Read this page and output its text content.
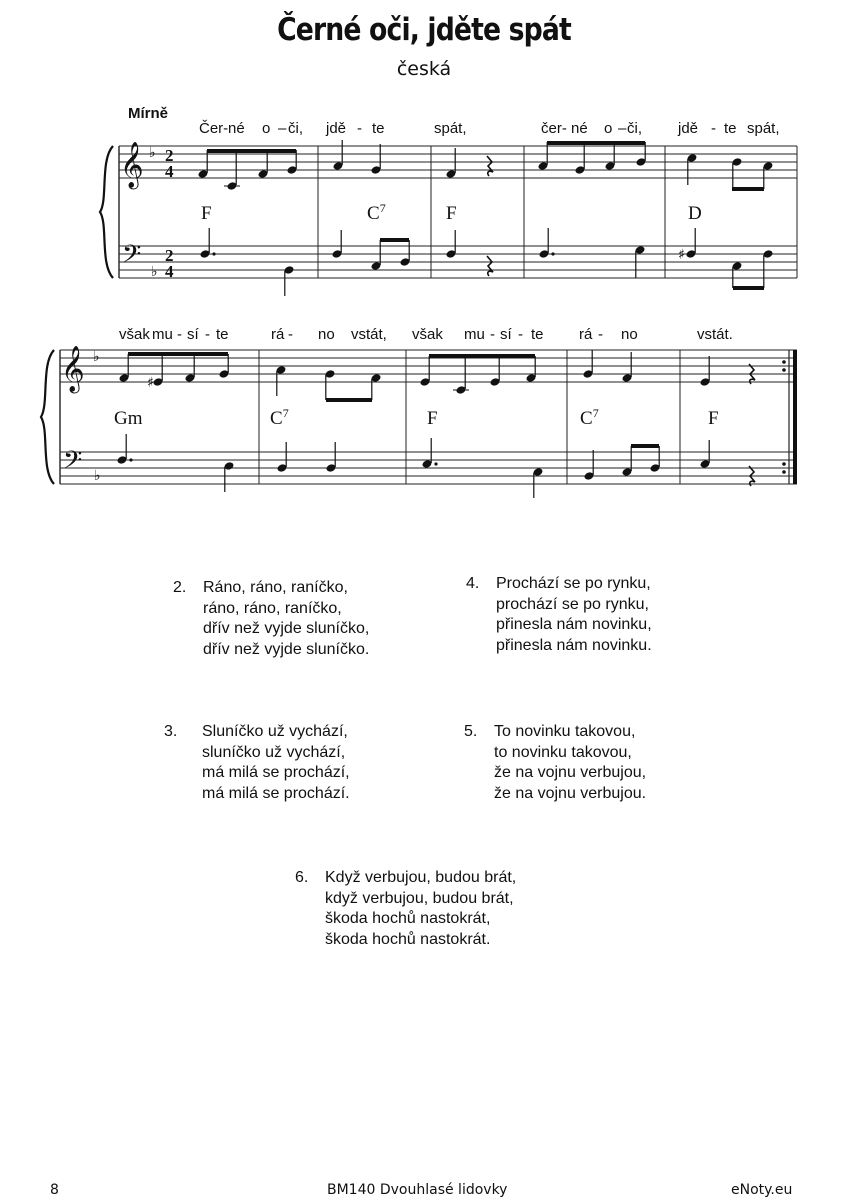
Černé oči, jděte spát
česká
Mírně
𝄞
𝄢
𝄞
𝄢
♭
♭
♭
♭
2
4
2
4
♯
♯
Čer- né o – či, jdě - te	spát,	čer- né o – či, jdě - te spát,
F	$C^7$	F	D
však mu - sí - te	rá - no vstát, však mu - sí - te rá - no	vstát.
Gm	$C^7$	F	$C^7$	F
2. Ráno, ráno, raníčko,
ráno, ráno, raníčko,
dřív než vyjde sluníčko,
dřív než vyjde sluníčko.
4. Prochází se po rynku,
prochází se po rynku,
přinesla nám novinku,
přinesla nám novinku.
3. Sluníčko už vychází,
sluníčko už vychází,
má milá se prochází,
má milá se prochází.
5. To novinku takovou,
to novinku takovou,
že na vojnu verbujou,
že na vojnu verbujou.
6. Když verbujou, budou brát,
když verbujou, budou brát,
škoda hochů nastokrát,
škoda hochů nastokrát.
8	BM140 Dvouhlasé lidovky	eNoty.eu
